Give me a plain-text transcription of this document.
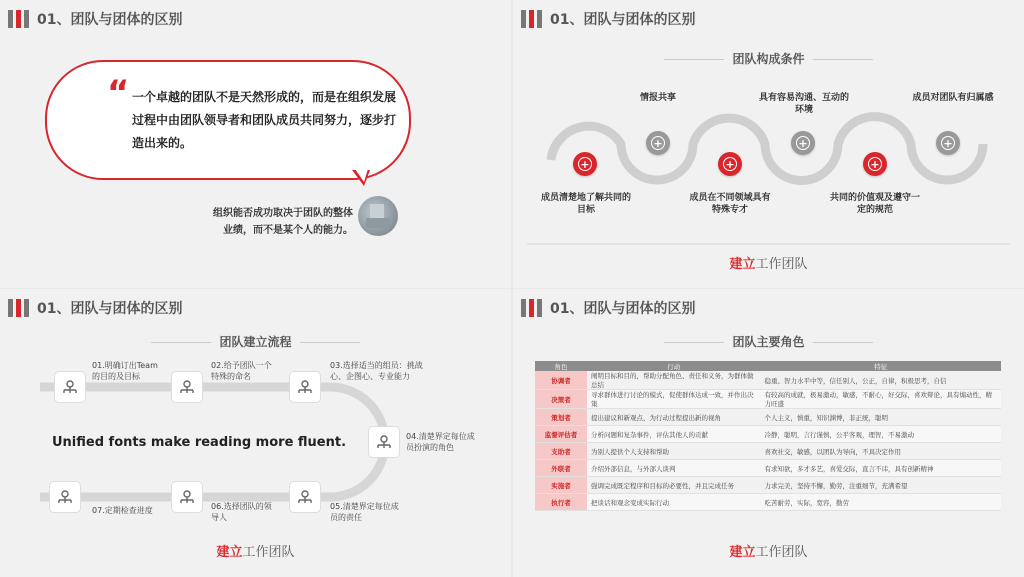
01、团队与团体的区别
“ 一个卓越的团队不是天然形成的，而是在组织发展过程中由团队领导者和团队成员共同努力，逐步打造出来的。
组织能否成功取决于团队的整体业绩，而不是某个人的能力。
01、团队与团体的区别
团队构成条件
+	+	+
+	+	+
情报共享	具有容易沟通、互动的环境
成员对团队有归属感
成员清楚地了解共同的目标
成员在不同领域具有特殊专才
共同的价值观及遵守一定的规范
建立工作团队
01、团队与团体的区别
团队建立流程
01.明确订出Team的目的及目标
02.给予团队一个特殊的命名
03.选择适当的组员：挑战心、企图心、专业能力
04.清楚界定每位成员扮演的角色
05.清楚界定每位成员的责任
06.选择团队的领导人
07.定期检查进度
Unified fonts make reading more fluent.
建立工作团队
01、团队与团体的区别
团队主要角色
角色	行动	特征
协调者	阐明目标和目的，帮助分配角色、责任和义务，为群体做总结	稳重、智力水平中等，信任别人，公正，自律，积极思考，自信
决策者	寻求群体进行讨论的模式，促使群体达成一致，并作出决策	有较高的成就，极易激动，敏感，不耐心，好交际，喜欢辩论，具有煽动性，精力旺盛
策划者	提出建议和新观点，为行动过程提出新的视角	个人主义，慎重，知识渊博，非正统，聪明
监督评估者	分析问题和复杂事件，评估其他人的贡献	冷静，聪明，言行谨慎，公平客观，理智，不易激动
支助者	为别人提供个人支持和帮助	喜欢社交，敏感，以团队为导向，不具决定作用
外联者	介绍外部信息，与外部人谈判	有求知欲，多才多艺，喜爱交际，直言不讳，具有创新精神
实施者	强调完成既定程序和目标的必要性，并且完成任务	力求完美，坚持不懈，勤劳，注重细节，充满希望
执行者	把谈话和观念变成实际行动	吃苦耐劳，实际，宽容，勤劳
建立工作团队
